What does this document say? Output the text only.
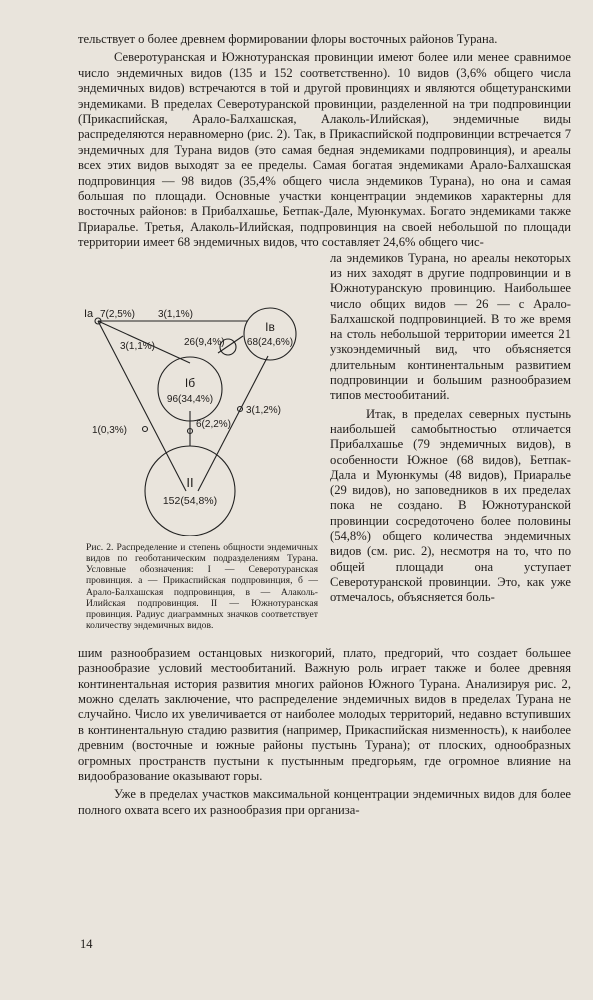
тельствует о более древнем формировании флоры восточных районов Турана.

Северотуранская и Южнотуранская провинции имеют более или менее сравнимое число эндемичных видов (135 и 152 соответственно). 10 видов (3,6% общего числа эндемичных видов) встречаются в той и другой провинциях и являются общетуранскими эндемиками. В пределах Северотуранской провинции, разделенной на три подпровинции (Прикаспийская, Арало-Балхашская, Алаколь-Илийская), эндемичные виды распределяются неравномерно (рис. 2). Так, в Прикаспийской подпровинции встречается 7 эндемичных для Турана видов (это самая бедная эндемиками подпровинция), и ареалы всех этих видов выходят за ее пределы. Самая богатая эндемиками Арало-Балхашская подпровинция — 98 видов (35,4% общего числа эндемиков Турана), но она и самая большая по площади. Основные участки концентрации эндемиков характерны для восточных районов: в Прибалхашье, Бетпак-Дале, Муюнкумах. Богато эндемиками также Приаралье. Третья, Алаколь-Илийская, подпровинция на своей небольшой по площади территории имеет 68 эндемичных видов, что составляет 24,6% общего чис-

Iа 7(2,5%)
Iб
96(34,4%)
Iв
68(24,6%)
II
152(54,8%)
3(1,1%)
3(1,1%)	26(9,4%)
1(0,3%)
3(1,2%)
6(2,2%)

Рис. 2. Распределение и степень общности эндемичных видов по геоботаническим подразделениям Турана. Условные обозначения: I — Северотуранская провинция. а — Прикаспийская подпровинция, б — Арало-Балхашская подпровинция, в — Алаколь-Илийская подпровинция. II — Южнотуранская провинция. Радиус диаграммных значков соответствует количеству эндемичных видов.

ла эндемиков Турана, но ареалы некоторых из них заходят в другие подпровинции и в Южнотуранскую провинцию. Наибольшее число общих видов — 26 — с Арало-Балхашской подпровинцией. В то же время на столь небольшой территории имеется 21 узкоэндемичный вид, что объясняется длительным континентальным развитием подпровинции и большим разнообразием типов местообитаний.

Итак, в пределах северных пустынь наибольшей самобытностью отличается Прибалхашье (79 эндемичных видов), в особенности Южное (68 видов), Бетпак-Дала и Муюнкумы (48 видов), Приаралье (29 видов), но заповедников в их пределах пока не создано. В Южнотуранской провинции сосредоточено более половины (54,8%) общего количества эндемичных видов (см. рис. 2), несмотря на то, что по общей площади она уступает Северотуранской провинции. Это, как уже отмечалось, объясняется боль-

шим разнообразием останцовых низкогорий, плато, предгорий, что создает большее разнообразие условий местообитаний. Важную роль играет также и более древняя континентальная история развития многих районов Южного Турана. Анализируя рис. 2, можно сделать заключение, что распределение эндемичных видов в пределах Турана не случайно. Число их увеличивается от наиболее молодых территорий, недавно вступивших в континентальную стадию развития (например, Прикаспийская низменность), к наиболее древним (восточные и южные районы пустынь Турана); от плоских, однообразных огромных пространств пустыни к пустынным предгорьям, где огромное влияние на видообразование оказывают горы.

Уже в пределах участков максимальной концентрации эндемичных видов для более полного охвата всего их разнообразия при организа-

14
